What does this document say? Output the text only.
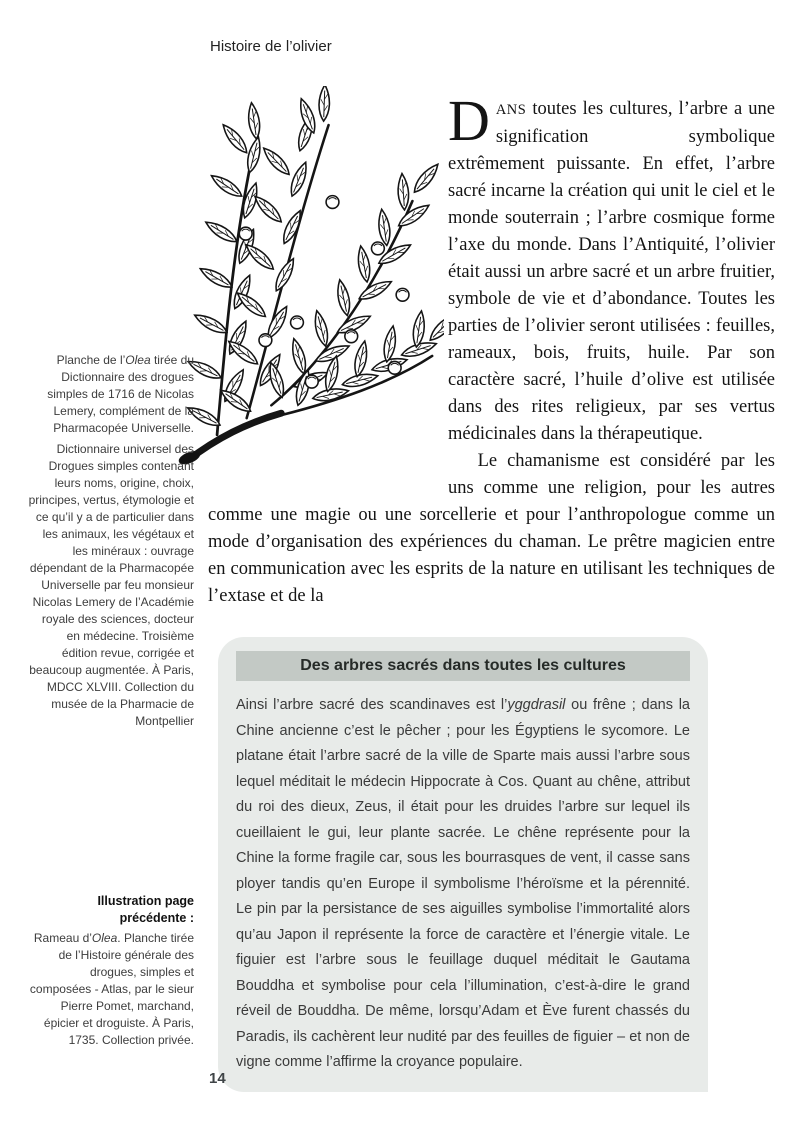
Histoire de l’olivier

DANS toutes les cultures, l’arbre a une signification symbolique extrêmement puissante. En effet, l’arbre sacré incarne la création qui unit le ciel et le monde souterrain ; l’arbre cosmique forme l’axe du monde. Dans l’Antiquité, l’olivier était aussi un arbre sacré et un arbre fruitier, symbole de vie et d’abondance. Toutes les parties de l’olivier seront utilisées : feuilles, rameaux, bois, fruits, huile. Par son caractère sacré, l’huile d’olive est utilisée dans des rites religieux, par ses vertus médicinales dans la thérapeutique.

Le chamanisme est considéré par les uns comme une religion, pour les autres comme une magie ou une sorcellerie et pour l’anthropologue comme un mode d’organisation des expériences du chaman. Le prêtre magicien entre en communication avec les esprits de la nature en utilisant les techniques de l’extase et de la

Planche de l’Olea tirée du Dictionnaire des drogues simples de 1716 de Nicolas Lemery, complément de la Pharmacopée Universelle.
Dictionnaire universel des Drogues simples contenant leurs noms, origine, choix, principes, vertus, étymologie et ce qu’il y a de particulier dans les animaux, les végétaux et les minéraux : ouvrage dépendant de la Pharmacopée Universelle par feu monsieur Nicolas Lemery de l’Académie royale des sciences, docteur en médecine. Troisième édition revue, corrigée et beaucoup augmentée. À Paris, MDCC XLVIII. Collection du musée de la Pharmacie de Montpellier
Illustration page précédente :
Rameau d’Olea. Planche tirée de l’Histoire générale des drogues, simples et composées - Atlas, par le sieur Pierre Pomet, marchand, épicier et droguiste. À Paris, 1735. Collection privée.
Des arbres sacrés dans toutes les cultures
Ainsi l’arbre sacré des scandinaves est l’yggdrasil ou frêne ; dans la Chine ancienne c’est le pêcher ; pour les Égyptiens le sycomore. Le platane était l’arbre sacré de la ville de Sparte mais aussi l’arbre sous lequel méditait le médecin Hippocrate à Cos. Quant au chêne, attribut du roi des dieux, Zeus, il était pour les druides l’arbre sur lequel ils cueillaient le gui, leur plante sacrée. Le chêne représente pour la Chine la forme fragile car, sous les bourrasques de vent, il casse sans ployer tandis qu’en Europe il symbolisme l’héroïsme et la pérennité. Le pin par la persistance de ses aiguilles symbolise l’immortalité alors qu’au Japon il représente la force de caractère et l’énergie vitale. Le figuier est l’arbre sous le feuillage duquel méditait le Gautama Bouddha et symbolise pour cela l’illumination, c’est-à-dire le grand réveil de Bouddha. De même, lorsqu’Adam et Ève furent chassés du Paradis, ils cachèrent leur nudité par des feuilles de figuier – et non de vigne comme l’affirme la croyance populaire.
14
